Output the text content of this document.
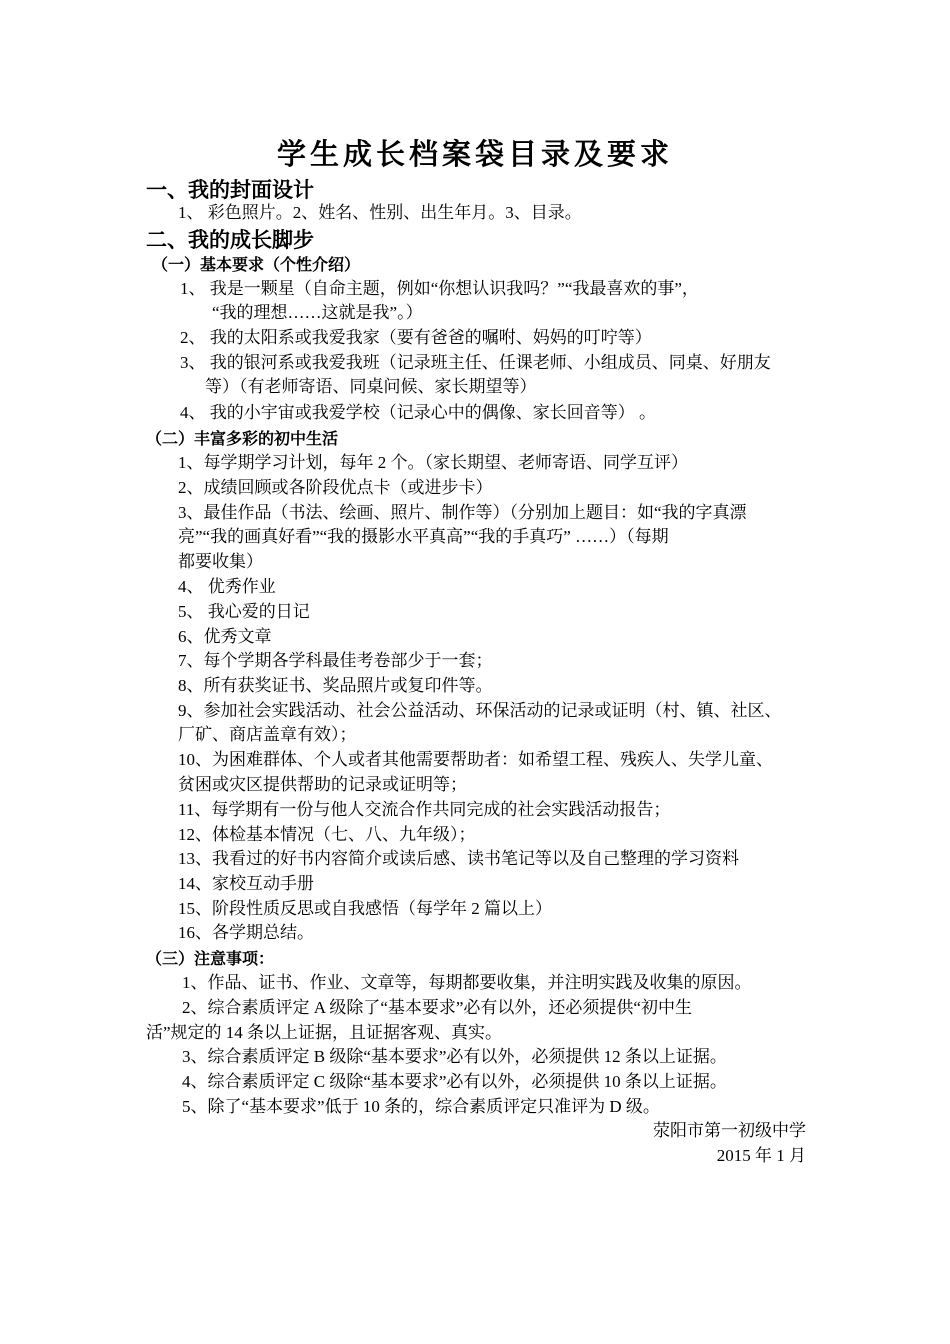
学生成长档案袋目录及要求
一、我的封面设计
1、 彩色照片。2、姓名、性别、出生年月。3、目录。
二、我的成长脚步
（一）基本要求（个性介绍）
1、 我是一颗星（自命主题，例如“你想认识我吗？”“我最喜欢的事”，
“我的理想……这就是我”。）
2、 我的太阳系或我爱我家（要有爸爸的嘱咐、妈妈的叮咛等）
3、 我的银河系或我爱我班（记录班主任、任课老师、小组成员、同桌、好朋友
等）（有老师寄语、同桌问候、家长期望等）
4、 我的小宇宙或我爱学校（记录心中的偶像、家长回音等） 。
（二）丰富多彩的初中生活
1、每学期学习计划，每年 2 个。（家长期望、老师寄语、同学互评）
2、成绩回顾或各阶段优点卡（或进步卡）
3、最佳作品（书法、绘画、照片、制作等）（分别加上题目：如“我的字真漂
亮”“我的画真好看”“我的摄影水平真高”“我的手真巧” ……）（每期
都要收集）
4、 优秀作业
5、 我心爱的日记
6、优秀文章
7、每个学期各学科最佳考卷部少于一套；
8、所有获奖证书、奖品照片或复印件等。
9、参加社会实践活动、社会公益活动、环保活动的记录或证明（村、镇、社区、
厂矿、商店盖章有效）；
10、为困难群体、个人或者其他需要帮助者：如希望工程、残疾人、失学儿童、
贫困或灾区提供帮助的记录或证明等；
11、每学期有一份与他人交流合作共同完成的社会实践活动报告；
12、体检基本情况（七、八、九年级）；
13、我看过的好书内容简介或读后感、读书笔记等以及自己整理的学习资料
14、家校互动手册
15、阶段性质反思或自我感悟（每学年 2 篇以上）
16、各学期总结。
（三）注意事项：
1、作品、证书、作业、文章等，每期都要收集，并注明实践及收集的原因。
2、综合素质评定 A 级除了“基本要求”必有以外，还必须提供“初中生
活”规定的 14 条以上证据，且证据客观、真实。
3、综合素质评定 B 级除“基本要求”必有以外，必须提供 12 条以上证据。
4、综合素质评定 C 级除“基本要求”必有以外，必须提供 10 条以上证据。
5、除了“基本要求”低于 10 条的，综合素质评定只准评为 D 级。
荥阳市第一初级中学
2015 年 1 月
